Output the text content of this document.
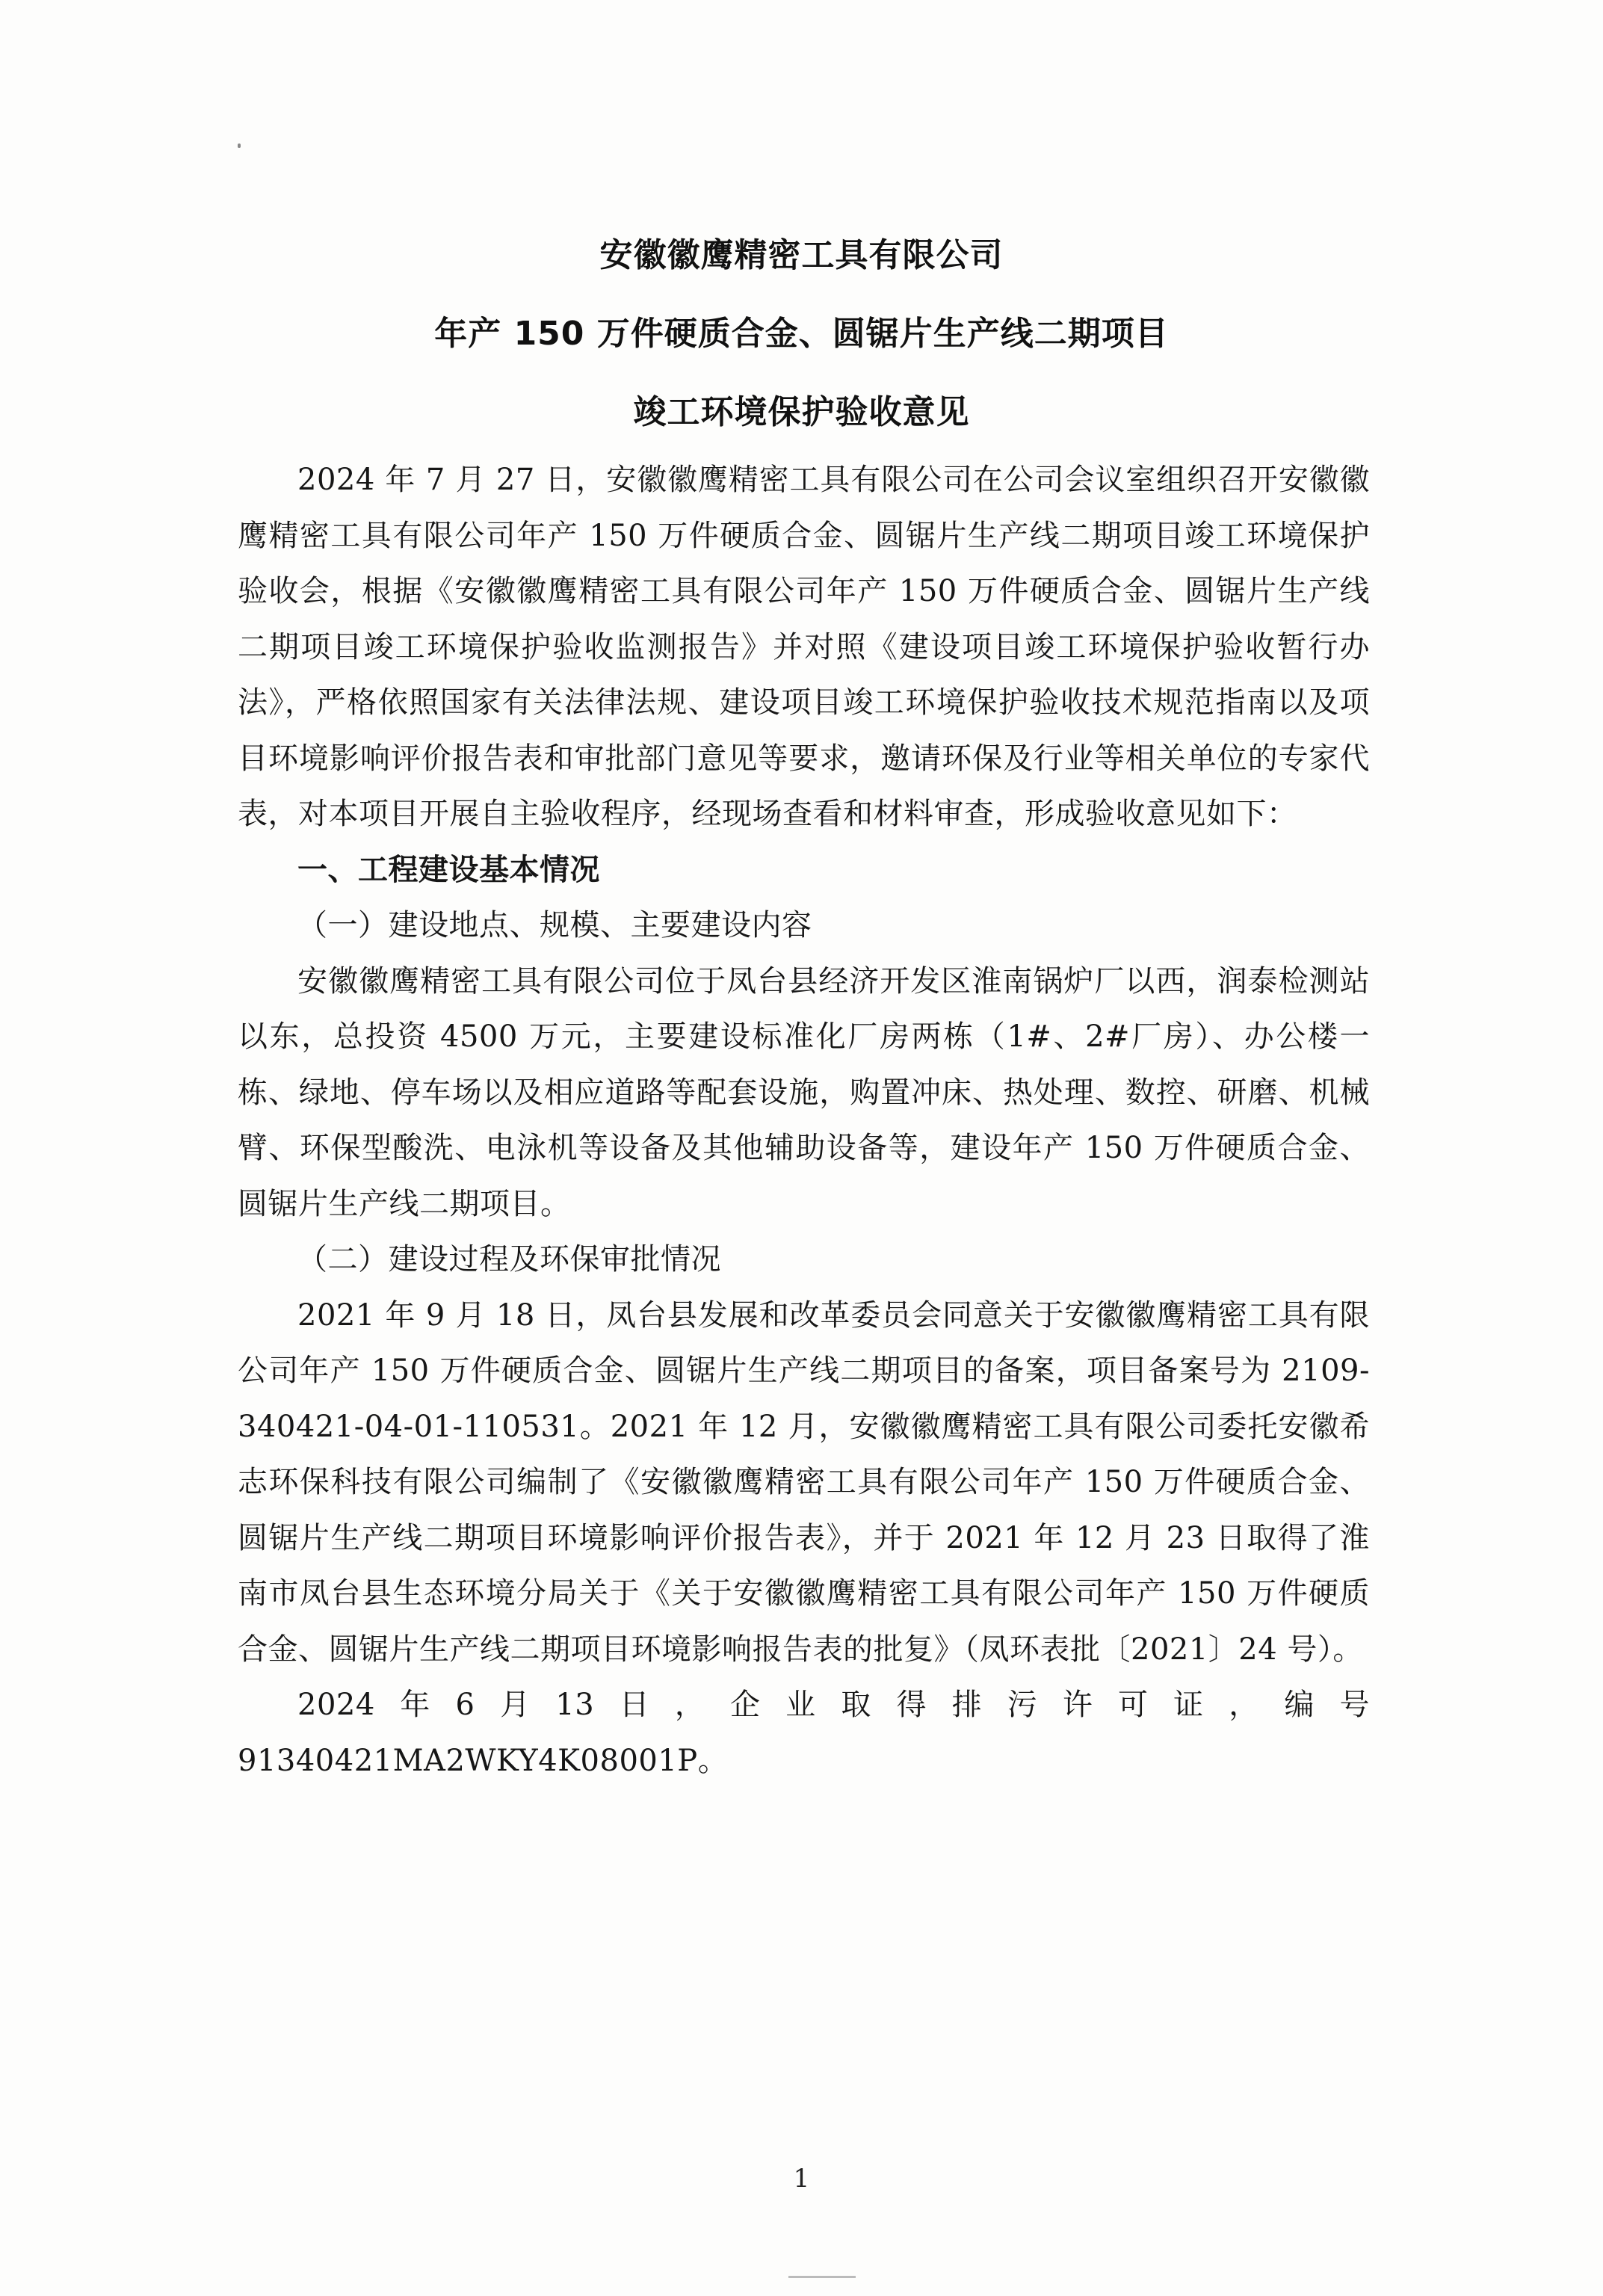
安徽徽鹰精密工具有限公司
年产 150 万件硬质合金、圆锯片生产线二期项目
竣工环境保护验收意见

2024 年 7 月 27 日，安徽徽鹰精密工具有限公司在公司会议室组织召开安徽徽鹰精密工具有限公司年产 150 万件硬质合金、圆锯片生产线二期项目竣工环境保护验收会，根据《安徽徽鹰精密工具有限公司年产 150 万件硬质合金、圆锯片生产线二期项目竣工环境保护验收监测报告》并对照《建设项目竣工环境保护验收暂行办法》，严格依照国家有关法律法规、建设项目竣工环境保护验收技术规范指南以及项目环境影响评价报告表和审批部门意见等要求，邀请环保及行业等相关单位的专家代表，对本项目开展自主验收程序，经现场查看和材料审查，形成验收意见如下：

一、工程建设基本情况

（一）建设地点、规模、主要建设内容

安徽徽鹰精密工具有限公司位于凤台县经济开发区淮南锅炉厂以西，润泰检测站以东，总投资 4500 万元，主要建设标准化厂房两栋（1#、2#厂房）、办公楼一栋、绿地、停车场以及相应道路等配套设施，购置冲床、热处理、数控、研磨、机械臂、环保型酸洗、电泳机等设备及其他辅助设备等，建设年产 150 万件硬质合金、圆锯片生产线二期项目。

（二）建设过程及环保审批情况

2021 年 9 月 18 日，凤台县发展和改革委员会同意关于安徽徽鹰精密工具有限公司年产 150 万件硬质合金、圆锯片生产线二期项目的备案，项目备案号为 2109-340421-04-01-110531。2021 年 12 月，安徽徽鹰精密工具有限公司委托安徽希志环保科技有限公司编制了《安徽徽鹰精密工具有限公司年产 150 万件硬质合金、圆锯片生产线二期项目环境影响评价报告表》，并于 2021 年 12 月 23 日取得了淮南市凤台县生态环境分局关于《关于安徽徽鹰精密工具有限公司年产 150 万件硬质合金、圆锯片生产线二期项目环境影响报告表的批复》（凤环表批〔2021〕24 号）。

2024年6月13日，企业取得排污许可证，编号91340421MA2WKY4K08001P。

1
